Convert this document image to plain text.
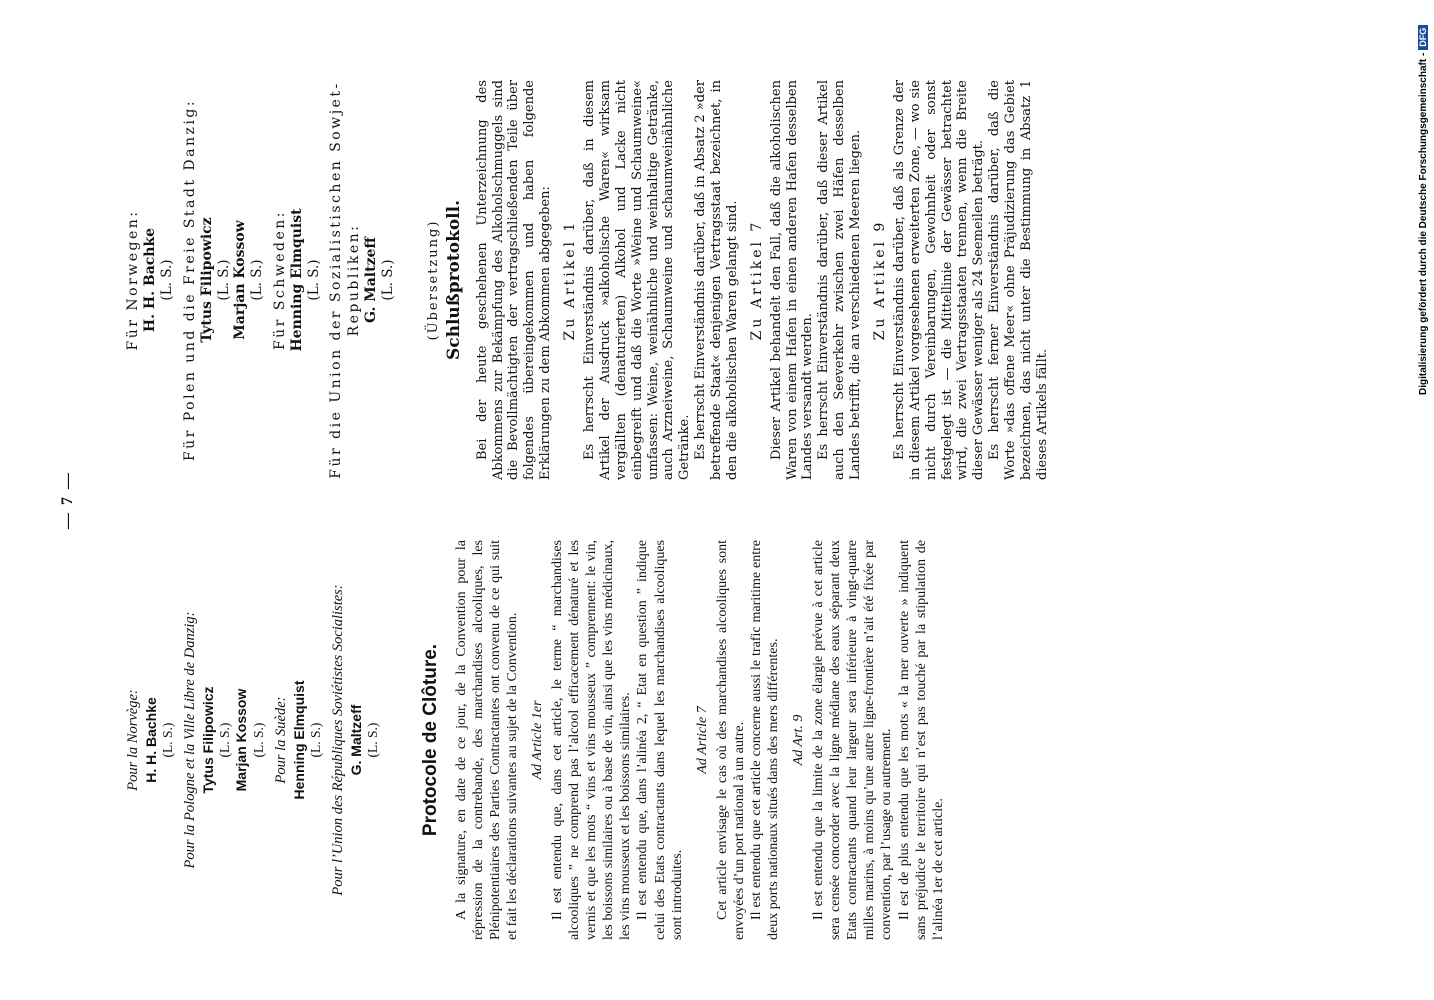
— 7 —
Pour la Norvège: H. H. Bachke (L. S.) Pour la Pologne et la Ville Libre de Danzig: Tytus Filipowicz (L. S.) Marjan Kossow (L. S.) Pour la Suède: Henning Elmquist (L. S.) Pour l’Union des Républiques Soviétistes Socialistes: G. Maltzeff (L. S.) Protocole de Clôture. A la signature, en date de ce jour, de la Convention pour la répression de la contrebande, des marchandises alcooliques, les Plénipotentiaires des Parties Contractantes ont convenu de ce qui suit et fait les déclarations suivantes au sujet de la Convention. Ad Article 1er Il est entendu que, dans cet article, le terme “ marchandises alcooliques ” ne comprend pas l’alcool efficacement dénaturé et les vernis et que les mots “ vins et vins mousseux ” comprennent: le vin, les boissons similaires ou à base de vin, ainsi que les vins médicinaux, les vins mousseux et les boissons similaires. Il est entendu que, dans l’alinéa 2, “ Etat en question ” indique celui des Etats contractants dans lequel les marchandises alcooliques sont introduites.

Ad Article 7 Cet article envisage le cas où des marchandises alcooliques sont envoyées d’un port national à un autre. Il est entendu que cet article concerne aussi le trafic maritime entre deux ports nationaux situés dans des mers différentes. Ad Art. 9 Il est entendu que la limite de la zone élargie prévue à cet article sera censée concorder avec la ligne médiane des eaux séparant deux Etats contractants quand leur largeur sera inférieure à vingt-quatre milles marins, à moins qu’une autre ligne-frontière n’ait été fixée par convention, par l’usage ou autrement. Il est de plus entendu que les mots « la mer ouverte » indiquent sans préjudice le territoire qui n’est pas touché par la stipulation de l’alinéa 1er de cet article.

Für Norwegen: H. H. Bachke (L. S.) Für Polen und die Freie Stadt Danzig: Tytus Filipowicz (L. S.) Marjan Kossow (L. S.) Für Schweden: Henning Elmquist (L. S.) Für die Union der Sozialistischen Sowjet-Republiken: G. Maltzeff (L. S.) (Übersetzung) Schlußprotokoll. Bei der heute geschehenen Unterzeichnung des Abkommens zur Bekämpfung des Alkoholschmuggels sind die Bevollmächtigten der vertragschließenden Teile über folgendes übereingekommen und haben folgende Erklärungen zu dem Abkommen abgegeben: Zu Artikel 1 Es herrscht Einverständnis darüber, daß in diesem Artikel der Ausdruck »alkoholische Waren« wirksam vergällten (denaturierten) Alkohol und Lacke nicht einbegreift und daß die Worte »Weine und Schaumweine« umfassen: Weine, weinähnliche und weinhaltige Getränke, auch Arzneiweine, Schaumweine und schaumweinähnliche Getränke. Es herrscht Einverständnis darüber, daß in Absatz 2 »der betreffende Staat« denjenigen Vertragsstaat bezeichnet, in den die alkoholischen Waren gelangt sind. Zu Artikel 7 Dieser Artikel behandelt den Fall, daß die alkoholischen Waren von einem Hafen in einen anderen Hafen desselben Landes versandt werden. Es herrscht Einverständnis darüber, daß dieser Artikel auch den Seeverkehr zwischen zwei Häfen desselben Landes betrifft, die an verschiedenen Meeren liegen. Zu Artikel 9 Es herrscht Einverständnis darüber, daß als Grenze der in diesem Artikel vorgesehenen erweiterten Zone, — wo sie nicht durch Vereinbarungen, Gewohnheit oder sonst festgelegt ist — die Mittellinie der Gewässer betrachtet wird, die zwei Vertragsstaaten trennen, wenn die Breite dieser Gewässer weniger als 24 Seemeilen beträgt. Es herrscht ferner Einverständnis darüber, daß die Worte »das offene Meer« ohne Präjudizierung das Gebiet bezeichnen, das nicht unter die Bestimmung in Absatz 1 dieses Artikels fällt.

Digitalisierung gefördert durch die Deutsche Forschungsgemeinschaft -DFG
